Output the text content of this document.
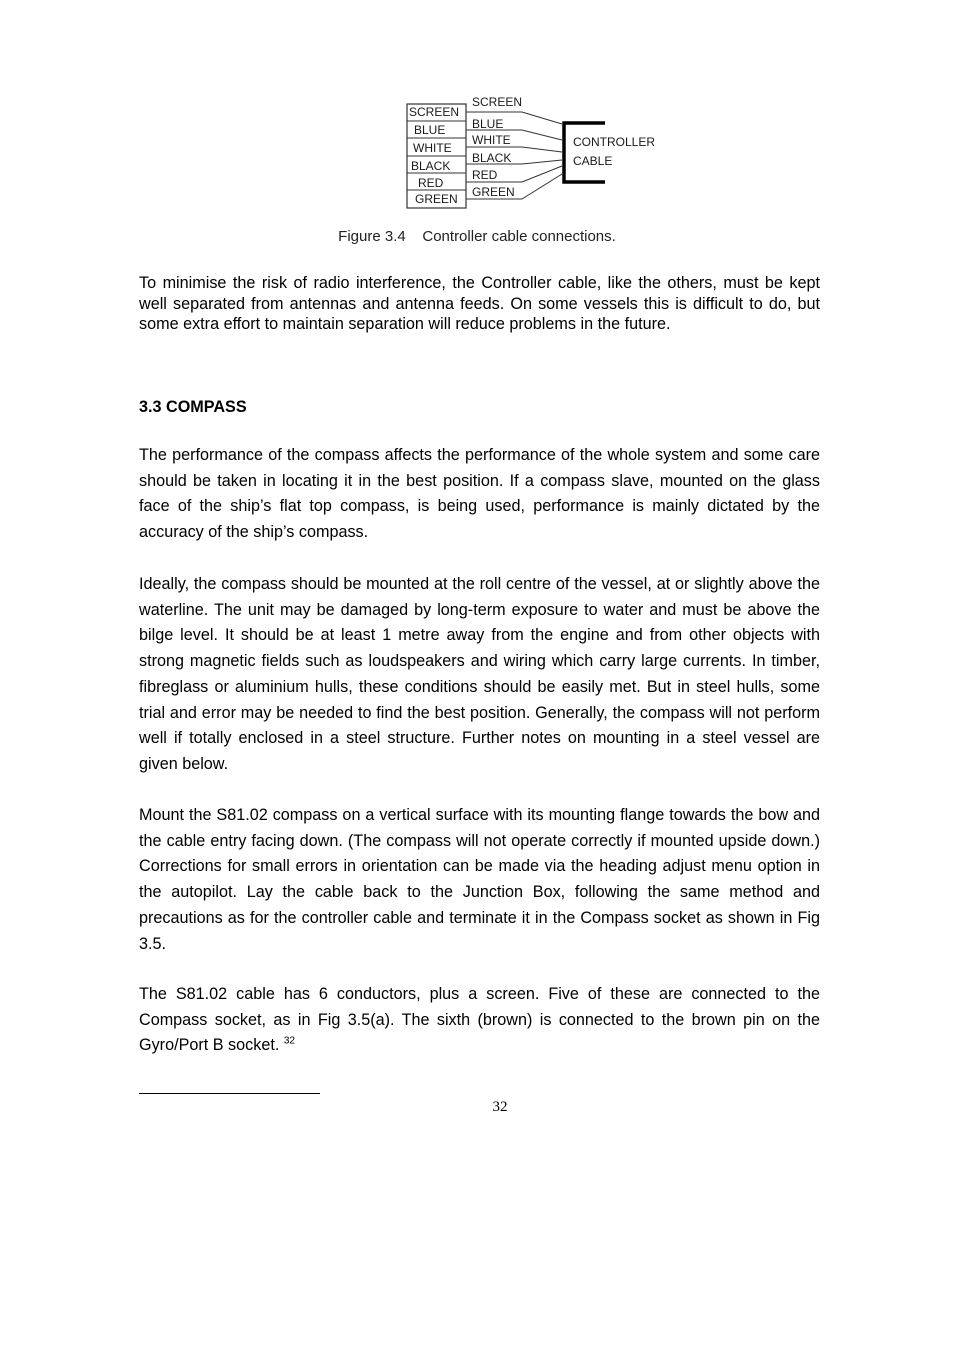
SCREEN
BLUE
WHITE
BLACK
RED
GREEN
SCREEN
BLUE
WHITE
BLACK
RED
GREEN
CONTROLLER
CABLE
Figure 3.4    Controller cable connections.

To minimise the risk of radio interference, the Controller cable, like the others, must be kept well separated from antennas and antenna feeds. On some vessels this is difficult to do, but some extra effort to maintain separation will reduce problems in the future.

3.3 COMPASS

The performance of the compass affects the performance of the whole system and some care should be taken in locating it in the best position. If a compass slave, mounted on the glass face of the ship’s flat top compass, is being used, performance is mainly dictated by the accuracy of the ship’s compass.

Ideally, the compass should be mounted at the roll centre of the vessel, at or slightly above the waterline. The unit may be damaged by long-term exposure to water and must be above the bilge level. It should be at least 1 metre away from the engine and from other objects with strong magnetic fields such as loudspeakers and wiring which carry large currents. In timber, fibreglass or aluminium hulls, these conditions should be easily met. But in steel hulls, some trial and error may be needed to find the best position. Generally, the compass will not perform well if totally enclosed in a steel structure. Further notes on mounting in a steel vessel are given below.

Mount the S81.02 compass on a vertical surface with its mounting flange towards the bow and the cable entry facing down. (The compass will not operate correctly if mounted upside down.) Corrections for small errors in orientation can be made via the heading adjust menu option in the autopilot. Lay the cable back to the Junction Box, following the same method and precautions as for the controller cable and terminate it in the Compass socket as shown in Fig 3.5.

The S81.02 cable has 6 conductors, plus a screen. Five of these are connected to the Compass socket, as in Fig 3.5(a). The sixth (brown) is connected to the brown pin on the Gyro/Port B socket. $^{32}$

32
